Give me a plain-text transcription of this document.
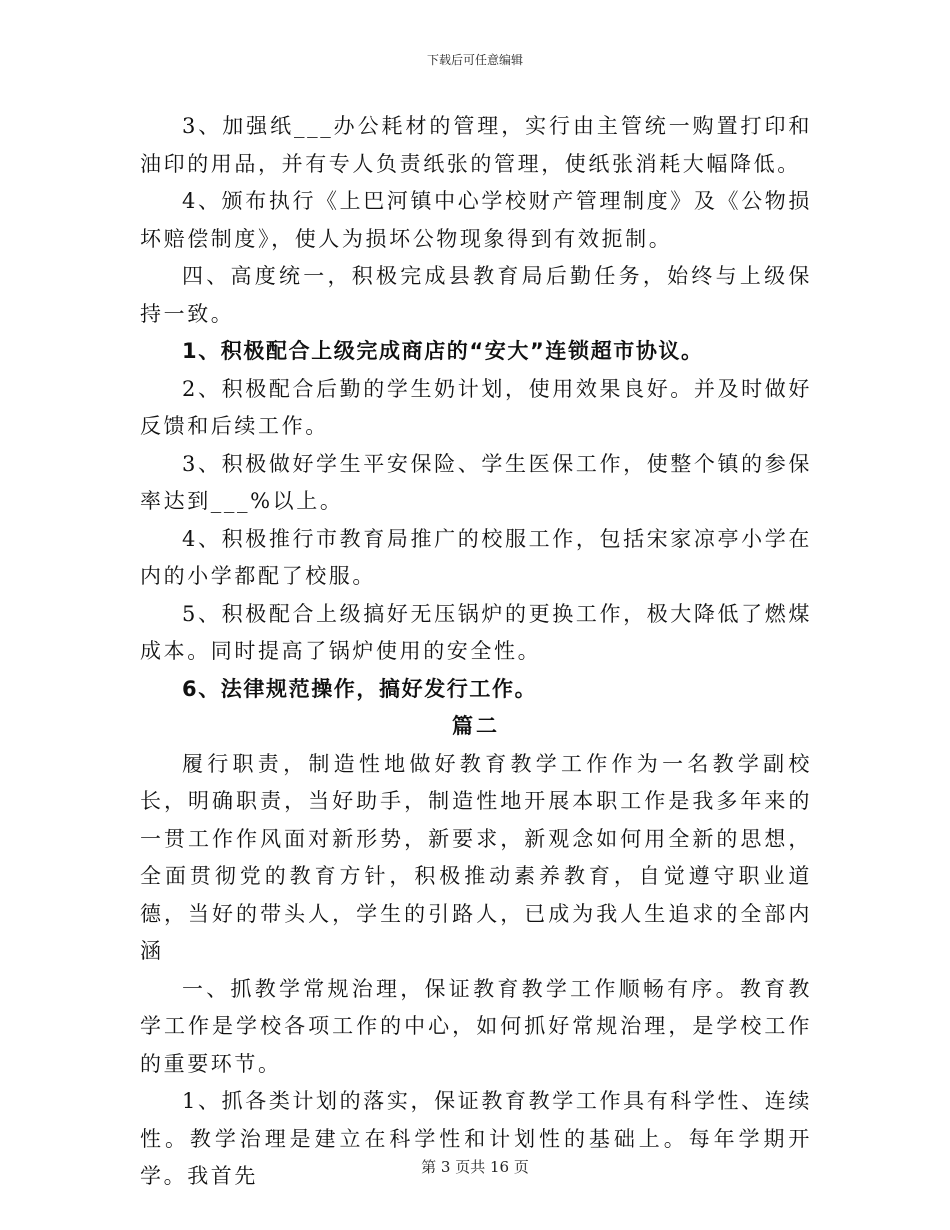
下载后可任意编辑

3、加强纸___办公耗材的管理，实行由主管统一购置打印和油印的用品，并有专人负责纸张的管理，使纸张消耗大幅降低。

4、颁布执行《上巴河镇中心学校财产管理制度》及《公物损坏赔偿制度》，使人为损坏公物现象得到有效扼制。

四、高度统一，积极完成县教育局后勤任务，始终与上级保持一致。

1、积极配合上级完成商店的“安大”连锁超市协议。

2、积极配合后勤的学生奶计划，使用效果良好。并及时做好反馈和后续工作。

3、积极做好学生平安保险、学生医保工作，使整个镇的参保率达到___%以上。

4、积极推行市教育局推广的校服工作，包括宋家凉亭小学在内的小学都配了校服。

5、积极配合上级搞好无压锅炉的更换工作，极大降低了燃煤成本。同时提高了锅炉使用的安全性。

6、法律规范操作，搞好发行工作。

篇二

履行职责，制造性地做好教育教学工作作为一名教学副校长，明确职责，当好助手，制造性地开展本职工作是我多年来的一贯工作作风面对新形势，新要求，新观念如何用全新的思想，全面贯彻党的教育方针，积极推动素养教育，自觉遵守职业道德，当好的带头人，学生的引路人，已成为我人生追求的全部内涵

一、抓教学常规治理，保证教育教学工作顺畅有序。教育教学工作是学校各项工作的中心，如何抓好常规治理，是学校工作的重要环节。

1、抓各类计划的落实，保证教育教学工作具有科学性、连续性。教学治理是建立在科学性和计划性的基础上。每年学期开学。我首先	第 3 页共 16 页
